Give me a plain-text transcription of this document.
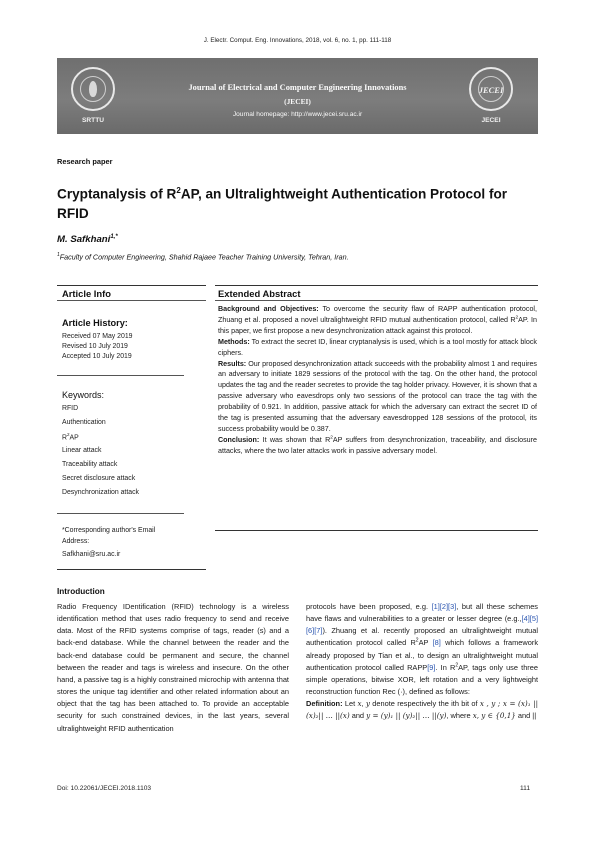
J. Electr. Comput. Eng. Innovations, 2018, vol. 6, no. 1, pp. 111-118
SRTTU
Journal of Electrical and Computer Engineering Innovations
(JECEI)
Journal homepage: http://www.jecei.sru.ac.ir
JECEI
JECEI
Research paper
Cryptanalysis of $R^2AP$, an Ultralightweight Authentication Protocol for RFID
M. Safkhani$^{1,*}$
$^1$Faculty of Computer Engineering, Shahid Rajaee Teacher Training University, Tehran, Iran.
Article Info
Article History:
Received 07 May 2019
Revised 10 July 2019
Accepted 10 July 2019
Keywords:
RFID
Authentication
$R^2AP$
Linear attack
Traceability attack
Secret disclosure attack
Desynchronization attack
*Corresponding author's Email
Address:
Safkhani@sru.ac.ir
Extended Abstract

Background and Objectives: To overcome the security flaw of RAPP authentication protocol, Zhuang et al. proposed a novel ultralightweight RFID mutual authentication protocol, called $R^2AP$. In this paper, we first propose a new desynchronization attack against this protocol.

Methods: To extract the secret ID, linear cryptanalysis is used, which is a tool mostly for attack block ciphers.

Results: Our proposed desynchronization attack succeeds with the probability almost 1 and requires an adversary to initiate 1829 sessions of the protocol with the tag. On the other hand, the protocol updates the tag and the reader secretes to provide the tag holder privacy. However, it is shown that a passive adversary who eavesdrops only two sessions of the protocol can trace the tag with the probability of 0.921. In addition, passive attack for which the adversary can extract the secret ID of the tag is presented assuming that the adversary eavesdropped 128 sessions of the protocol, its success probability would be 0.387.

Conclusion: It was shown that $R^2AP$ suffers from desynchronization, traceability, and disclosure attacks, where the two later attacks work in passive adversary model.

Introduction
Radio Frequency IDentification (RFID) technology is a wireless identification method that uses radio frequency to send and receive data. Most of the RFID systems comprise of tags, reader (s) and a back-end database. While the channel between the reader and the back-end database could be permanent and secure, the channel between the reader and tags is wireless and insecure. On the other hand, a passive tag is a highly constrained microchip with antenna that stores the unique tag identifier and other related information about an object that the tag has been attached to. To provide an acceptable security for such constrained devices, in the last years, several ultralightweight RFID authentication
protocols have been proposed, e.g. [1][2][3], but all these schemes have flaws and vulnerabilities to a greater or lesser degree (e.g.,[4][5][6][7]). Zhuang et al. recently proposed an ultralightweight mutual authentication protocol called $R^2AP$ [8] which follows a framework already proposed by Tian et al., to design an ultralightweight mutual authentication protocol called RAPP[9]. In $R^2AP$, tags only use three simple operations, bitwise XOR, left rotation and a very lightweight reconstruction function Rec (·), defined as follows:
Definition: Let x, y denote respectively the ith bit of x , y ; x = (x)₁ || (x)₂|| … ||(x) and y = (y)₁ || (y)₂|| … ||(y), where x, y ∈ {0,1} and ||
Doi: 10.22061/JECEI.2018.1103	111
